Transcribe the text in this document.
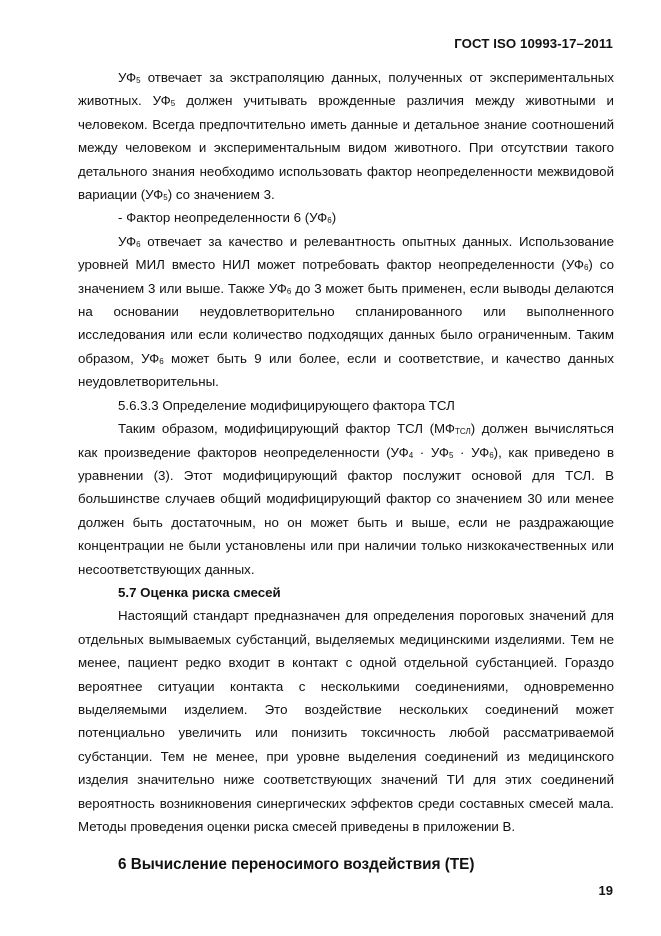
ГОСТ ISO 10993-17–2011

$УФ_5$ отвечает за экстраполяцию данных, полученных от экспериментальных животных. $УФ_5$ должен учитывать врожденные различия между животными и человеком. Всегда предпочтительно иметь данные и детальное знание соотношений между человеком и экспериментальным видом животного. При отсутствии такого детального знания необходимо использовать фактор неопределенности межвидовой вариации $(УФ_5)$ со значением 3.

- Фактор неопределенности 6 $(УФ_6)$

$УФ_6$ отвечает за качество и релевантность опытных данных. Использование уровней МИЛ вместо НИЛ может потребовать фактор неопределенности $(УФ_6)$ со значением 3 или выше. Также $УФ_6$ до 3 может быть применен, если выводы делаются на основании неудовлетворительно спланированного или выполненного исследования или если количество подходящих данных было ограниченным. Таким образом, $УФ_6$ может быть 9 или более, если и соответствие, и качество данных неудовлетворительны.

5.6.3.3 Определение модифицирующего фактора ТСЛ

Таким образом, модифицирующий фактор ТСЛ $(МФ_{ТСЛ})$ должен вычисляться как произведение факторов неопределенности $(УФ_4 \cdot УФ_5 \cdot УФ_6)$, как приведено в уравнении (3). Этот модифицирующий фактор послужит основой для ТСЛ. В большинстве случаев общий модифицирующий фактор со значением 30 или менее должен быть достаточным, но он может быть и выше, если не раздражающие концентрации не были установлены или при наличии только низкокачественных или несоответствующих данных.

5.7 Оценка риска смесей

Настоящий стандарт предназначен для определения пороговых значений для отдельных вымываемых субстанций, выделяемых медицинскими изделиями. Тем не менее, пациент редко входит в контакт с одной отдельной субстанцией. Гораздо вероятнее ситуации контакта с несколькими соединениями, одновременно выделяемыми изделием. Это воздействие нескольких соединений может потенциально увеличить или понизить токсичность любой рассматриваемой субстанции. Тем не менее, при уровне выделения соединений из медицинского изделия значительно ниже соответствующих значений ТИ для этих соединений вероятность возникновения синергических эффектов среди составных смесей мала. Методы проведения оценки риска смесей приведены в приложении В.

6 Вычисление переносимого воздействия (ТЕ)

19
